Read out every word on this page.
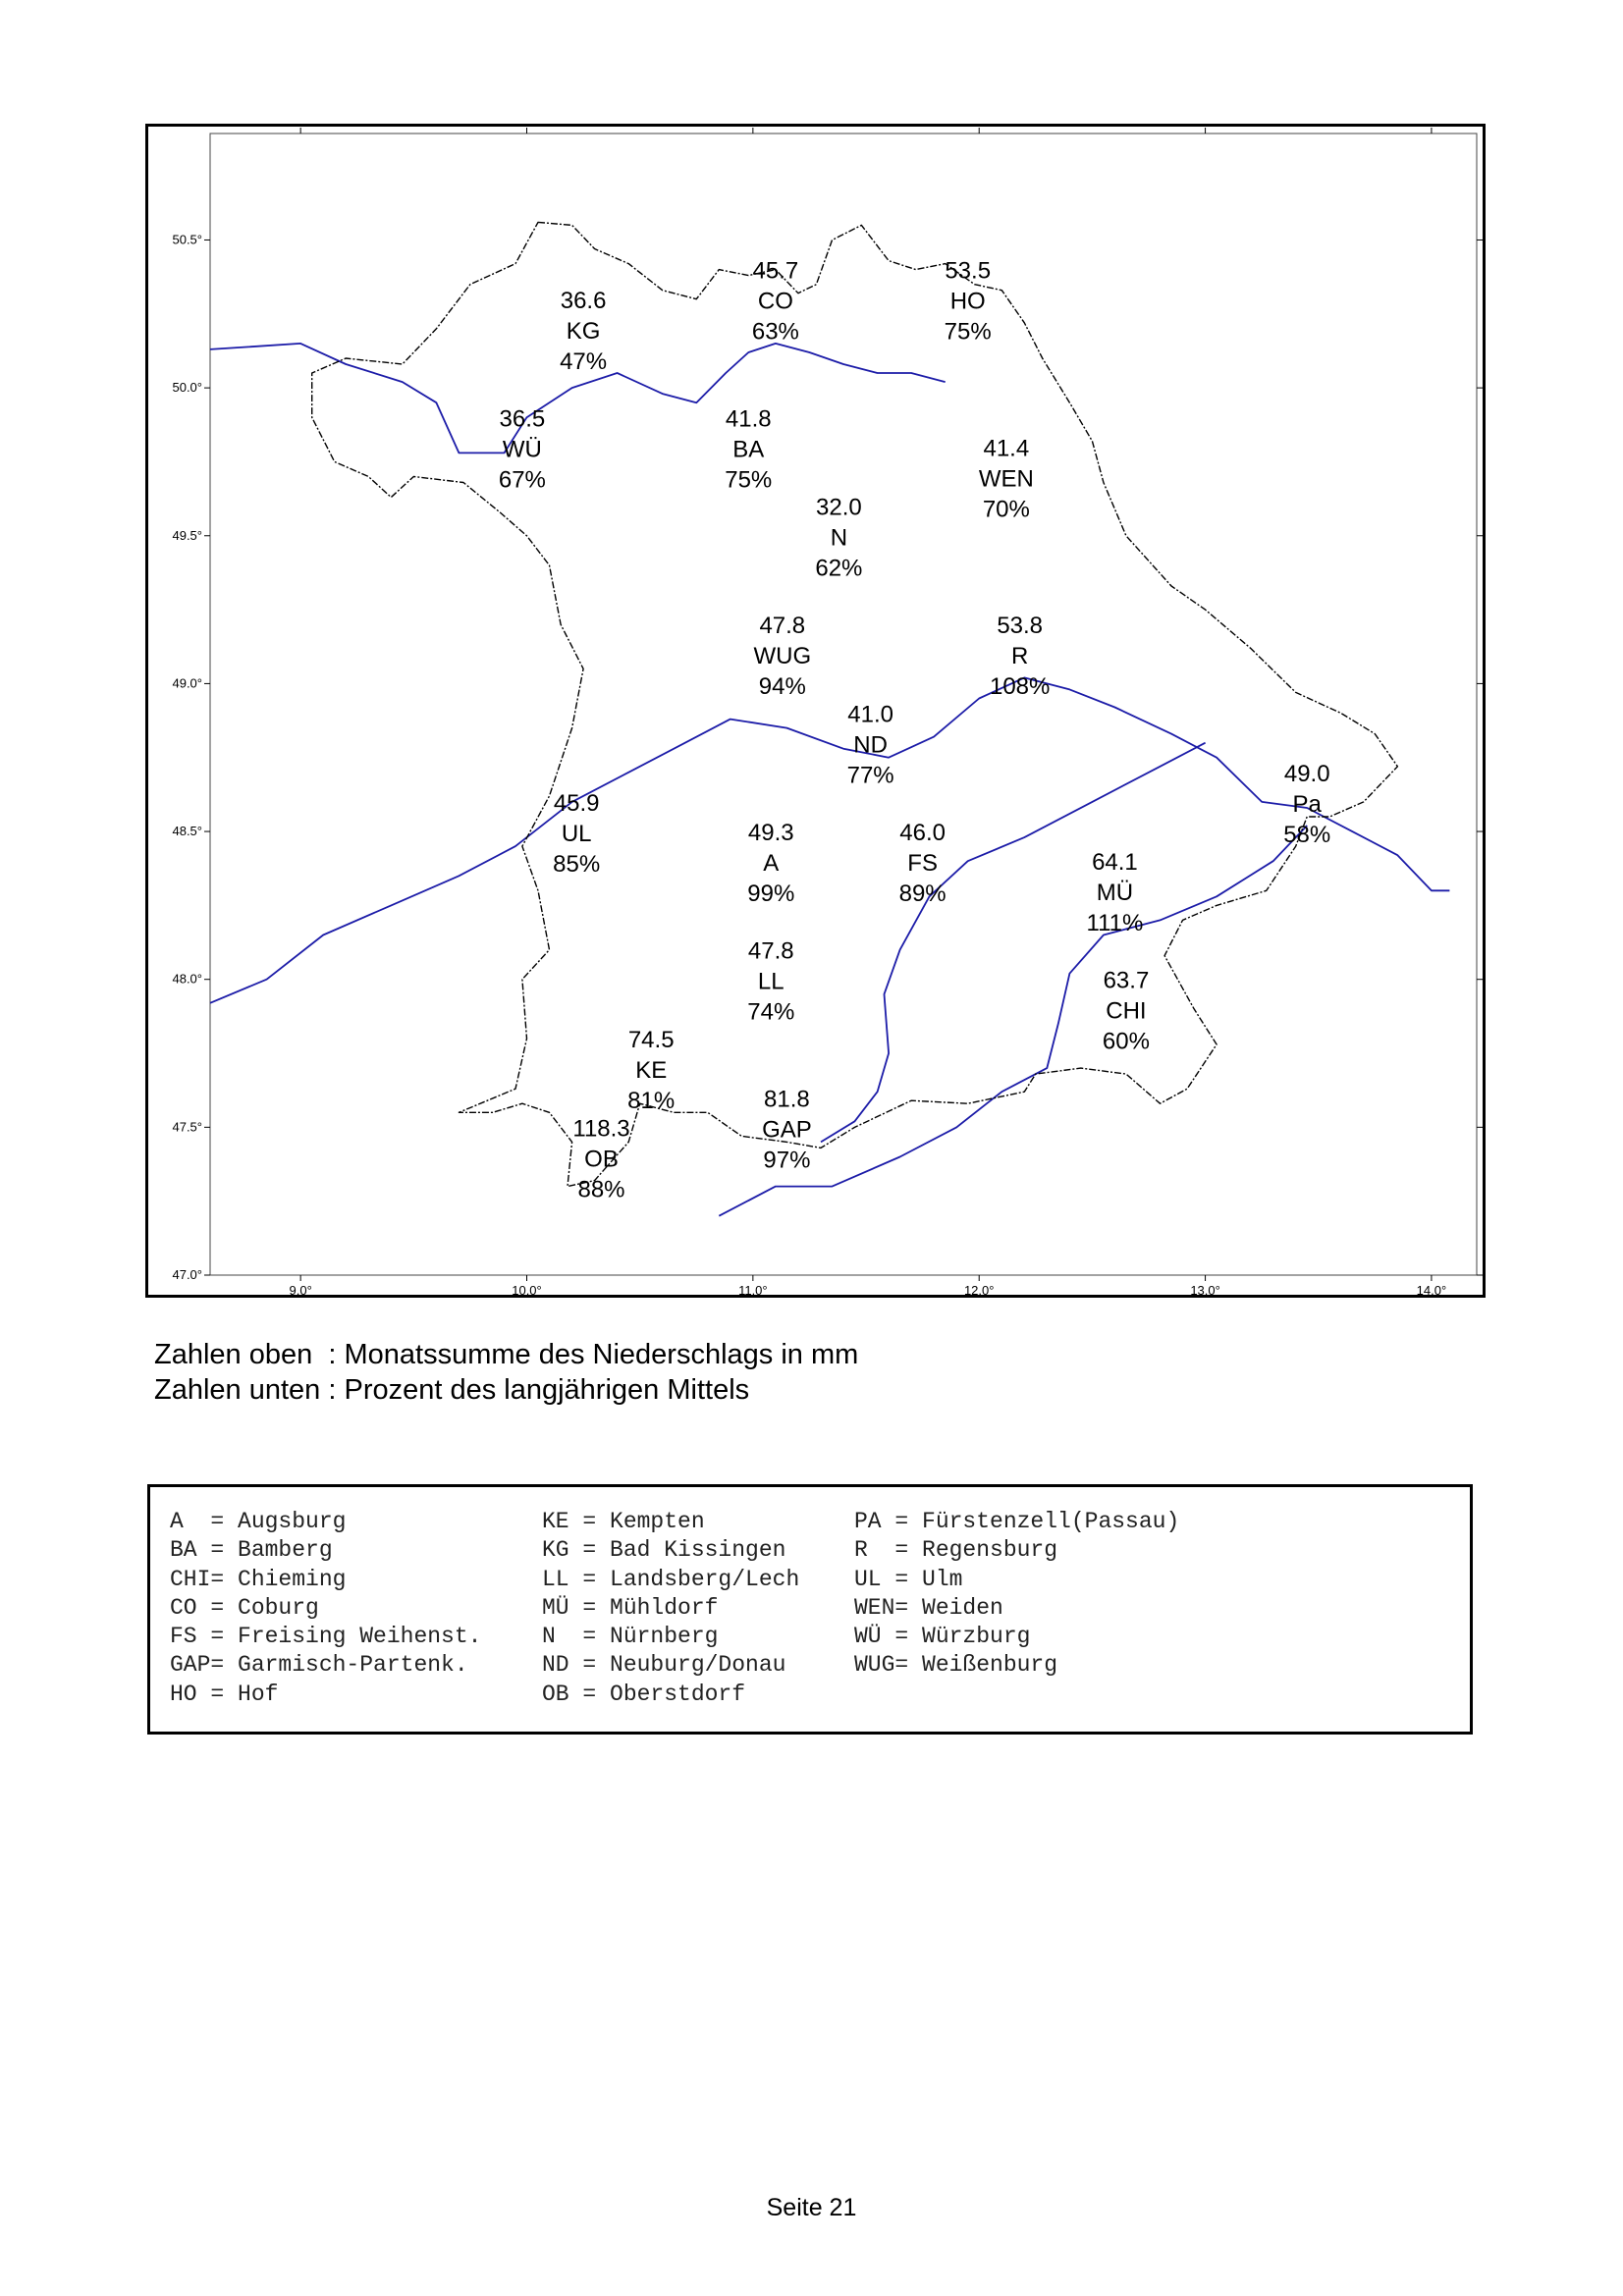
50.5°
50.0°
49.5°
49.0°
48.5°
48.0°
47.5°
47.0°
9.0°	10.0°	11.0°	12.0°	13.0°	14.0°
36.6
KG
47%
45.7
CO
63%
53.5
HO
75%
36.5
WÜ
67%
41.8
BA
75%
41.4
WEN
70%
32.0
N
62%
47.8
WUG
94%
53.8
R
108%
41.0
ND
77%	49.0
Pa
58%
45.9
UL
85%
49.3
A
99%
46.0
FS
89%
64.1
MÜ
111%
47.8
LL
74%
63.7
CHI
60%
74.5
KE
81%	81.8
GAP
97%
118.3
OB
88%
Zahlen oben  : Monatssumme des Niederschlags in mm
Zahlen unten : Prozent des langjährigen Mittels
A  = Augsburg	KE = Kempten	PA = Fürstenzell(Passau)
BA = Bamberg	KG = Bad Kissingen	R  = Regensburg
CHI= Chieming	LL = Landsberg/Lech	UL = Ulm
CO = Coburg	MÜ = Mühldorf	WEN= Weiden
FS = Freising Weihenst.	N  = Nürnberg	WÜ = Würzburg
GAP= Garmisch-Partenk.	ND = Neuburg/Donau	WUG= Weißenburg
HO = Hof	OB = Oberstdorf
Seite 21
